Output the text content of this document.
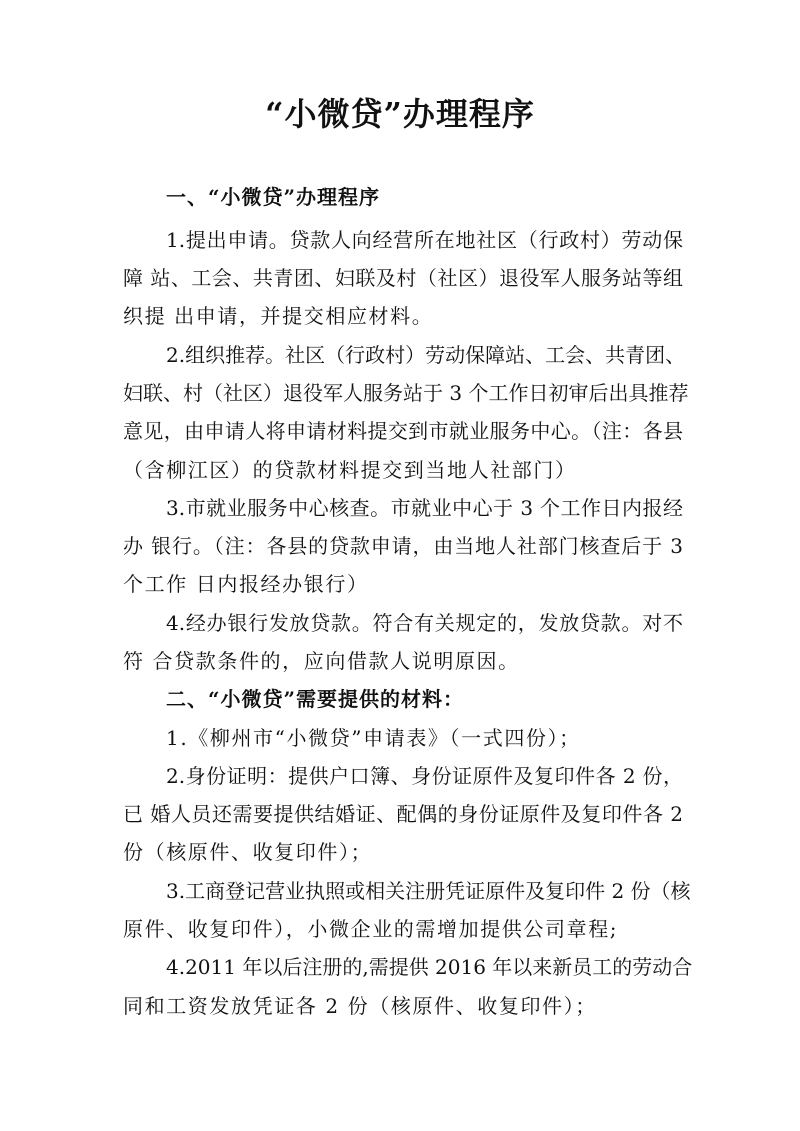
“小微贷”办理程序
一、“小微贷”办理程序
1.提出申请。贷款人向经营所在地社区（行政村）劳动保
障 站、工会、共青团、妇联及村（社区）退役军人服务站等组
织提 出申请，并提交相应材料。
2.组织推荐。社区（行政村）劳动保障站、工会、共青团、
妇联、村（社区）退役军人服务站于 3 个工作日初审后出具推荐
意见，由申请人将申请材料提交到市就业服务中心。（注：各县
（含柳江区）的贷款材料提交到当地人社部门）
3.市就业服务中心核查。市就业中心于 3 个工作日内报经
办 银行。（注：各县的贷款申请，由当地人社部门核查后于 3
个工作 日内报经办银行）
4.经办银行发放贷款。符合有关规定的，发放贷款。对不
符 合贷款条件的，应向借款人说明原因。
二、“小微贷”需要提供的材料：
1.《柳州市“小微贷”申请表》（一式四份）；
2.身份证明：提供户口簿、身份证原件及复印件各 2 份，
已 婚人员还需要提供结婚证、配偶的身份证原件及复印件各 2
份（核原件、收复印件）；
3.工商登记营业执照或相关注册凭证原件及复印件 2 份（核
原件、收复印件），小微企业的需增加提供公司章程;
4.2011 年以后注册的,需提供 2016 年以来新员工的劳动合
同和工资发放凭证各 2 份（核原件、收复印件）；
